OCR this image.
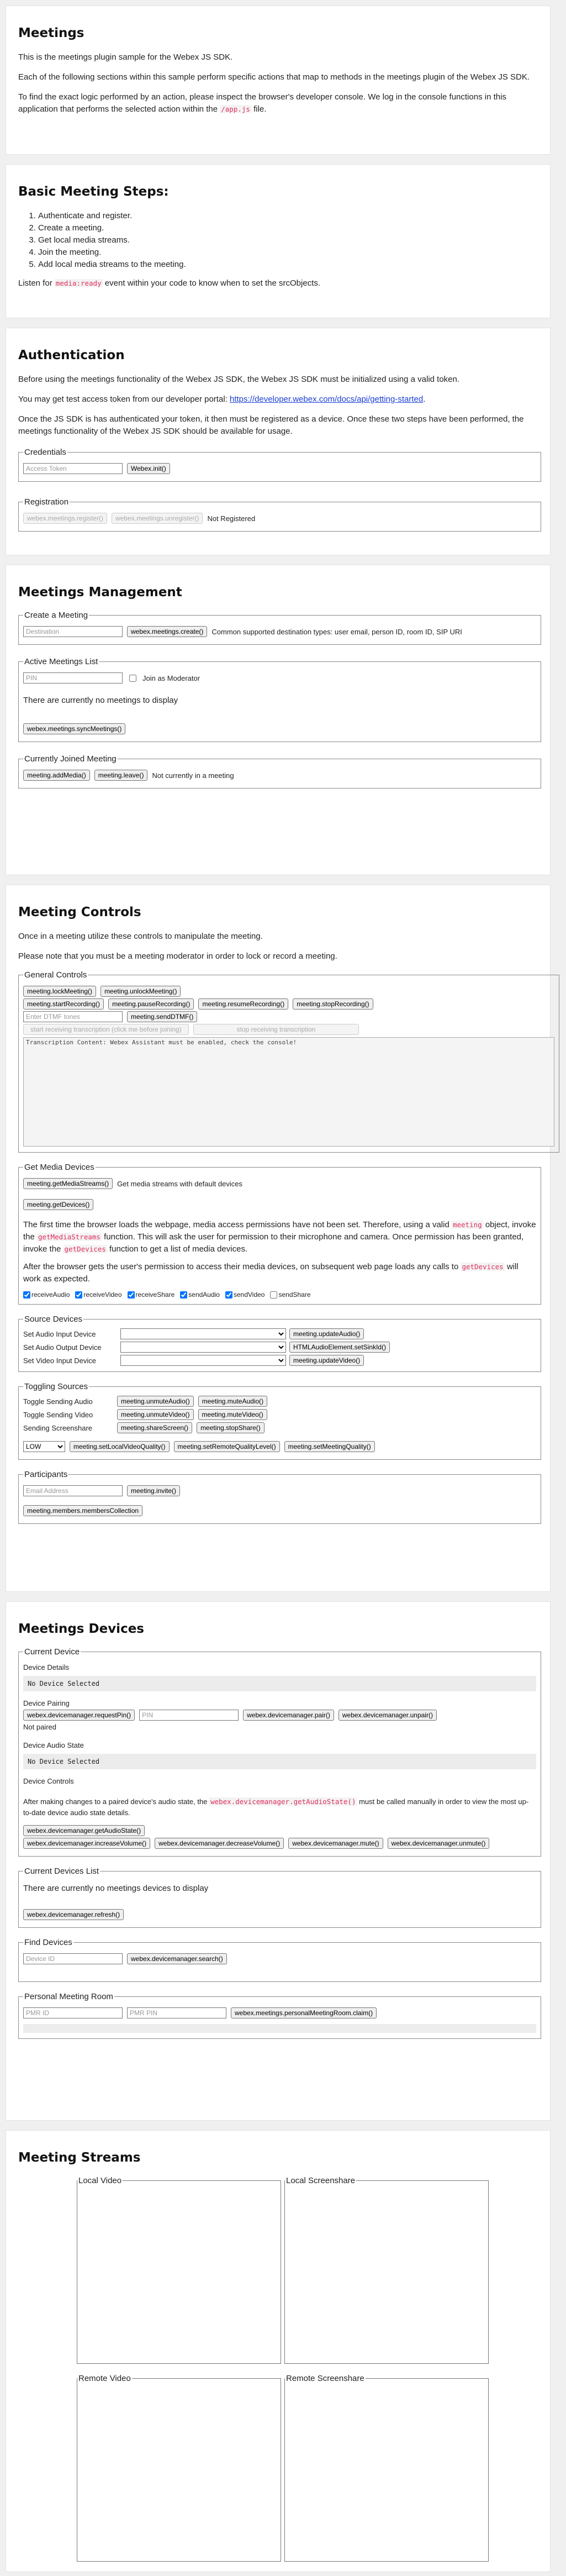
Meetings

This is the meetings plugin sample for the Webex JS SDK.

Each of the following sections within this sample perform specific actions that map to methods in the meetings plugin of the Webex JS SDK.

To find the exact logic performed by an action, please inspect the browser's developer console. We log in the console functions in this application that performs the selected action within the /app.js file.

Basic Meeting Steps:
1. Authenticate and register.
2. Create a meeting.
3. Get local media streams.
4. Join the meeting.
5. Add local media streams to the meeting.

Listen for media:ready event within your code to know when to set the srcObjects.

Authentication

Before using the meetings functionality of the Webex JS SDK, the Webex JS SDK must be initialized using a valid token.

You may get test access token from our developer portal: https://developer.webex.com/docs/api/getting-started.

Once the JS SDK is has authenticated your token, it then must be registered as a device. Once these two steps have been performed, the meetings functionality of the Webex JS SDK should be available for usage.

Credentials
Access Token
Webex.init()
Registration
webex.meetings.register()	webex.meetings.unregister()	Not Registered
Meetings Management
Create a Meeting
Destination
webex.meetings.create()	Common supported destination types: user email, person ID, room ID, SIP URI
Active Meetings List
PIN
Join as Moderator

There are currently no meetings to display

webex.meetings.syncMeetings()
Currently Joined Meeting
meeting.addMedia()	meeting.leave()	Not currently in a meeting
Meeting Controls

Once in a meeting utilize these controls to manipulate the meeting.

Please note that you must be a meeting moderator in order to lock or record a meeting.

General Controls
meeting.lockMeeting()	meeting.unlockMeeting()
meeting.startRecording()	meeting.pauseRecording()	meeting.resumeRecording()	meeting.stopRecording()
Enter DTMF tones
meeting.sendDTMF()
start receiving transcription (click me before joining)	stop receiving transcription
Transcription Content: Webex Assistant must be enabled, check the console!
Get Media Devices
meeting.getMediaStreams()	Get media streams with default devices
meeting.getDevices()

The first time the browser loads the webpage, media access permissions have not been set. Therefore, using a valid meeting object, invoke the getMediaStreams function. This will ask the user for permission to their microphone and camera. Once permission has been granted, invoke the getDevices function to get a list of media devices.

After the browser gets the user's permission to access their media devices, on subsequent web page loads any calls to getDevices will work as expected.

receiveAudio receiveVideo receiveShare sendAudio sendVideo sendShare
Source Devices
Set Audio Input Device	meeting.updateAudio()
Set Audio Output Device	HTMLAudioElement.setSinkId()
Set Video Input Device	meeting.updateVideo()
Toggling Sources
Toggle Sending Audio	meeting.unmuteAudio()	meeting.muteAudio()
Toggle Sending Video	meeting.unmuteVideo()	meeting.muteVideo()
Sending Screenshare	meeting.shareScreen()	meeting.stopShare()
LOW
meeting.setLocalVideoQuality()	meeting.setRemoteQualityLevel()	meeting.setMeetingQuality()
Participants
Email Address
meeting.invite()
meeting.members.membersCollection
Meetings Devices
Current Device
Device Details
No Device Selected
Device Pairing
webex.devicemanager.requestPin()
PIN	webex.devicemanager.pair()	webex.devicemanager.unpair()
Not paired
Device Audio State
No Device Selected
Device Controls

After making changes to a paired device's audio state, the webex.devicemanager.getAudioState() must be called manually in order to view the most up-to-date device audio state details.

webex.devicemanager.getAudioState()
webex.devicemanager.increaseVolume()	webex.devicemanager.decreaseVolume()	webex.devicemanager.mute()	webex.devicemanager.unmute()
Current Devices List

There are currently no meetings devices to display

webex.devicemanager.refresh()
Find Devices
Device ID
webex.devicemanager.search()
Personal Meeting Room
PMR ID
PMR PIN
webex.meetings.personalMeetingRoom.claim()
Meeting Streams
Local Video	Local Screenshare
Remote Video	Remote Screenshare
